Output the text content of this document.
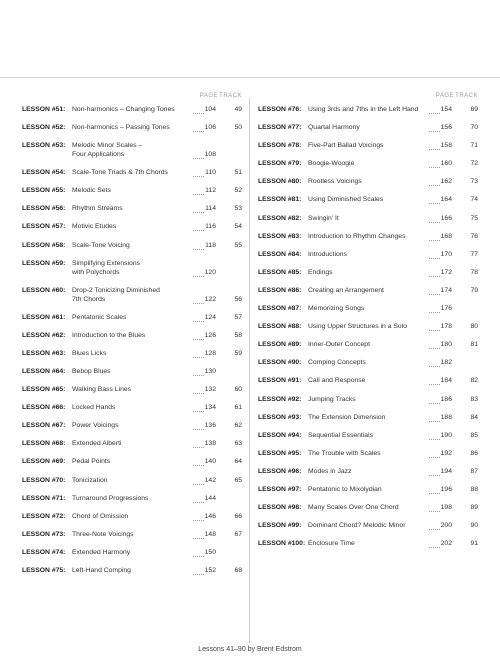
PAGE TRACK
LESSON #51: Non-harmonics – Changing Tones	104	49
LESSON #52: Non-harmonics – Passing Tones	106	50
LESSON #53: Melodic Minor Scales –
Four Applications	108
LESSON #54: Scale-Tone Triads & 7th Chords	110	51
LESSON #55: Melodic Sets	112	52
LESSON #56: Rhythm Streams	114	53
LESSON #57: Motivic Etudes	116	54
LESSON #58: Scale-Tone Voicing	118	55
LESSON #59: Simplifying Extensions
with Polychords	120
LESSON #60: Drop-2 Tonicizing Diminished
7th Chords	122	56
LESSON #61: Pentatonic Scales	124	57
LESSON #62: Introduction to the Blues	126	58
LESSON #63: Blues Licks	128	59
LESSON #64: Bebop Blues	130
LESSON #65: Walking Bass Lines	132	60
LESSON #66: Locked Hands	134	61
LESSON #67: Power Voicings	136	62
LESSON #68: Extended Alberti	138	63
LESSON #69: Pedal Points	140	64
LESSON #70: Tonicization	142	65
LESSON #71: Turnaround Progressions	144
LESSON #72: Chord of Omission	146	66
LESSON #73: Three-Note Voicings	148	67
LESSON #74: Extended Harmony	150
LESSON #75: Left-Hand Comping	152	68
PAGE TRACK
LESSON #76: Using 3rds and 7ths in the Left Hand	154	69
LESSON #77: Quartal Harmony	156	70
LESSON #78: Five-Part Ballad Voicings	158	71
LESSON #79: Boogie-Woogie	160	72
LESSON #80: Rootless Voicings	162	73
LESSON #81: Using Diminished Scales	164	74
LESSON #82: Swingin' It	166	75
LESSON #83: Introduction to Rhythm Changes	168	76
LESSON #84: Introductions	170	77
LESSON #85: Endings	172	78
LESSON #86: Creating an Arrangement	174	79
LESSON #87: Memorizing Songs	176
LESSON #88: Using Upper Structures in a Solo	178	80
LESSON #89: Inner-Outer Concept	180	81
LESSON #90: Comping Concepts	182
LESSON #91: Call and Response	184	82
LESSON #92: Jumping Tracks	186	83
LESSON #93: The Extension Dimension	188	84
LESSON #94: Sequential Essentials	190	85
LESSON #95: The Trouble with Scales	192	86
LESSON #96: Modes in Jazz	194	87
LESSON #97: Pentatonic to Mixolydian	196	88
LESSON #98: Many Scales Over One Chord	198	89
LESSON #99: Dominant Chord? Melodic Minor	200	90
LESSON #100: Enclosure Time	202	91
Lessons 41–90 by Brent Edstrom
